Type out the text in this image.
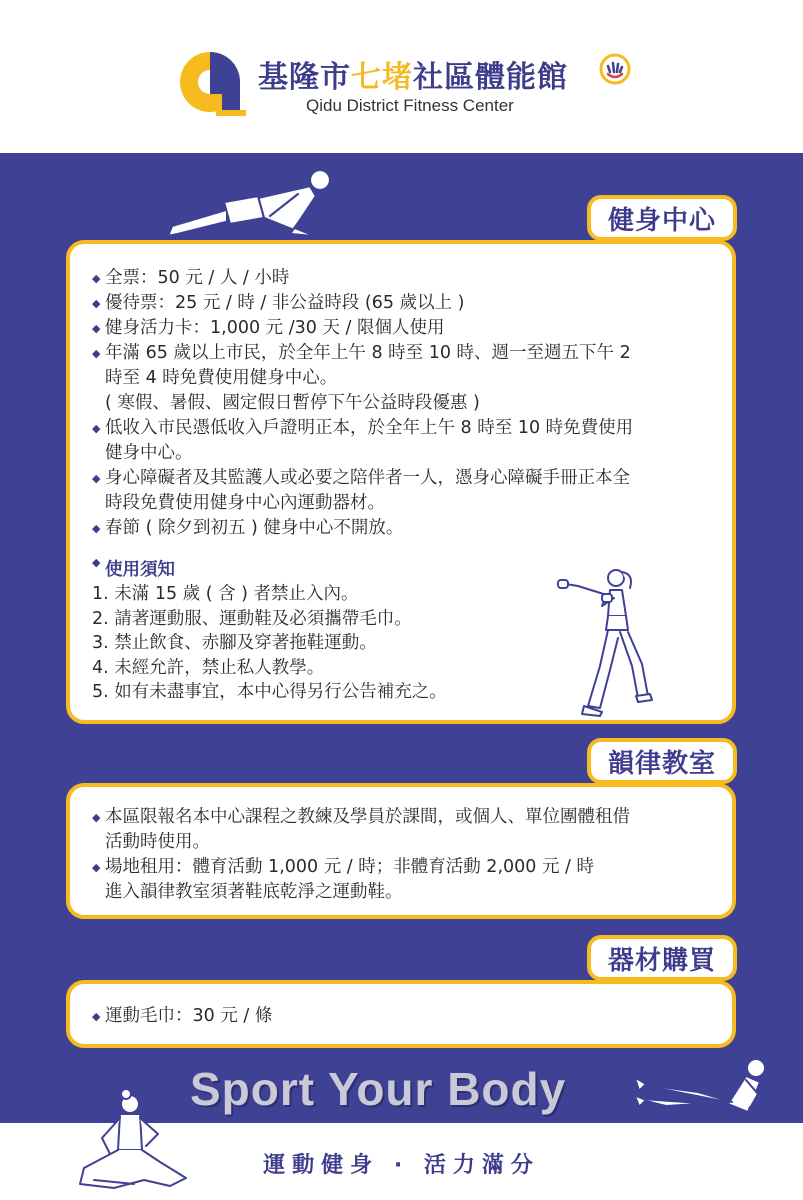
基隆市七堵社區體能館
Qidu District Fitness Center
◆ 全票：50 元 / 人 / 小時
◆ 優待票：25 元 / 時 / 非公益時段 (65 歲以上 )
◆ 健身活力卡：1,000 元 /30 天 / 限個人使用
◆ 年滿 65 歲以上市民，於全年上午 8 時至 10 時、週一至週五下午 2
時至 4 時免費使用健身中心。
( 寒假、暑假、國定假日暫停下午公益時段優惠 )
◆ 低收入市民憑低收入戶證明正本，於全年上午 8 時至 10 時免費使用
健身中心。
◆ 身心障礙者及其監護人或必要之陪伴者一人，憑身心障礙手冊正本全
時段免費使用健身中心內運動器材。
◆ 春節 ( 除夕到初五 ) 健身中心不開放。
◆ 使用須知
1. 未滿 15 歲 ( 含 ) 者禁止入內。
2. 請著運動服、運動鞋及必須攜帶毛巾。
3. 禁止飲食、赤腳及穿著拖鞋運動。
4. 未經允許，禁止私人教學。
5. 如有未盡事宜，本中心得另行公告補充之。
健身中心
◆ 本區限報名本中心課程之教練及學員於課間，或個人、單位團體租借
活動時使用。
◆ 場地租用：體育活動 1,000 元 / 時；非體育活動 2,000 元 / 時
進入韻律教室須著鞋底乾淨之運動鞋。
韻律教室
◆ 運動毛巾：30 元 / 條
器材購買
Sport Your Body
運動健身 · 活力滿分
